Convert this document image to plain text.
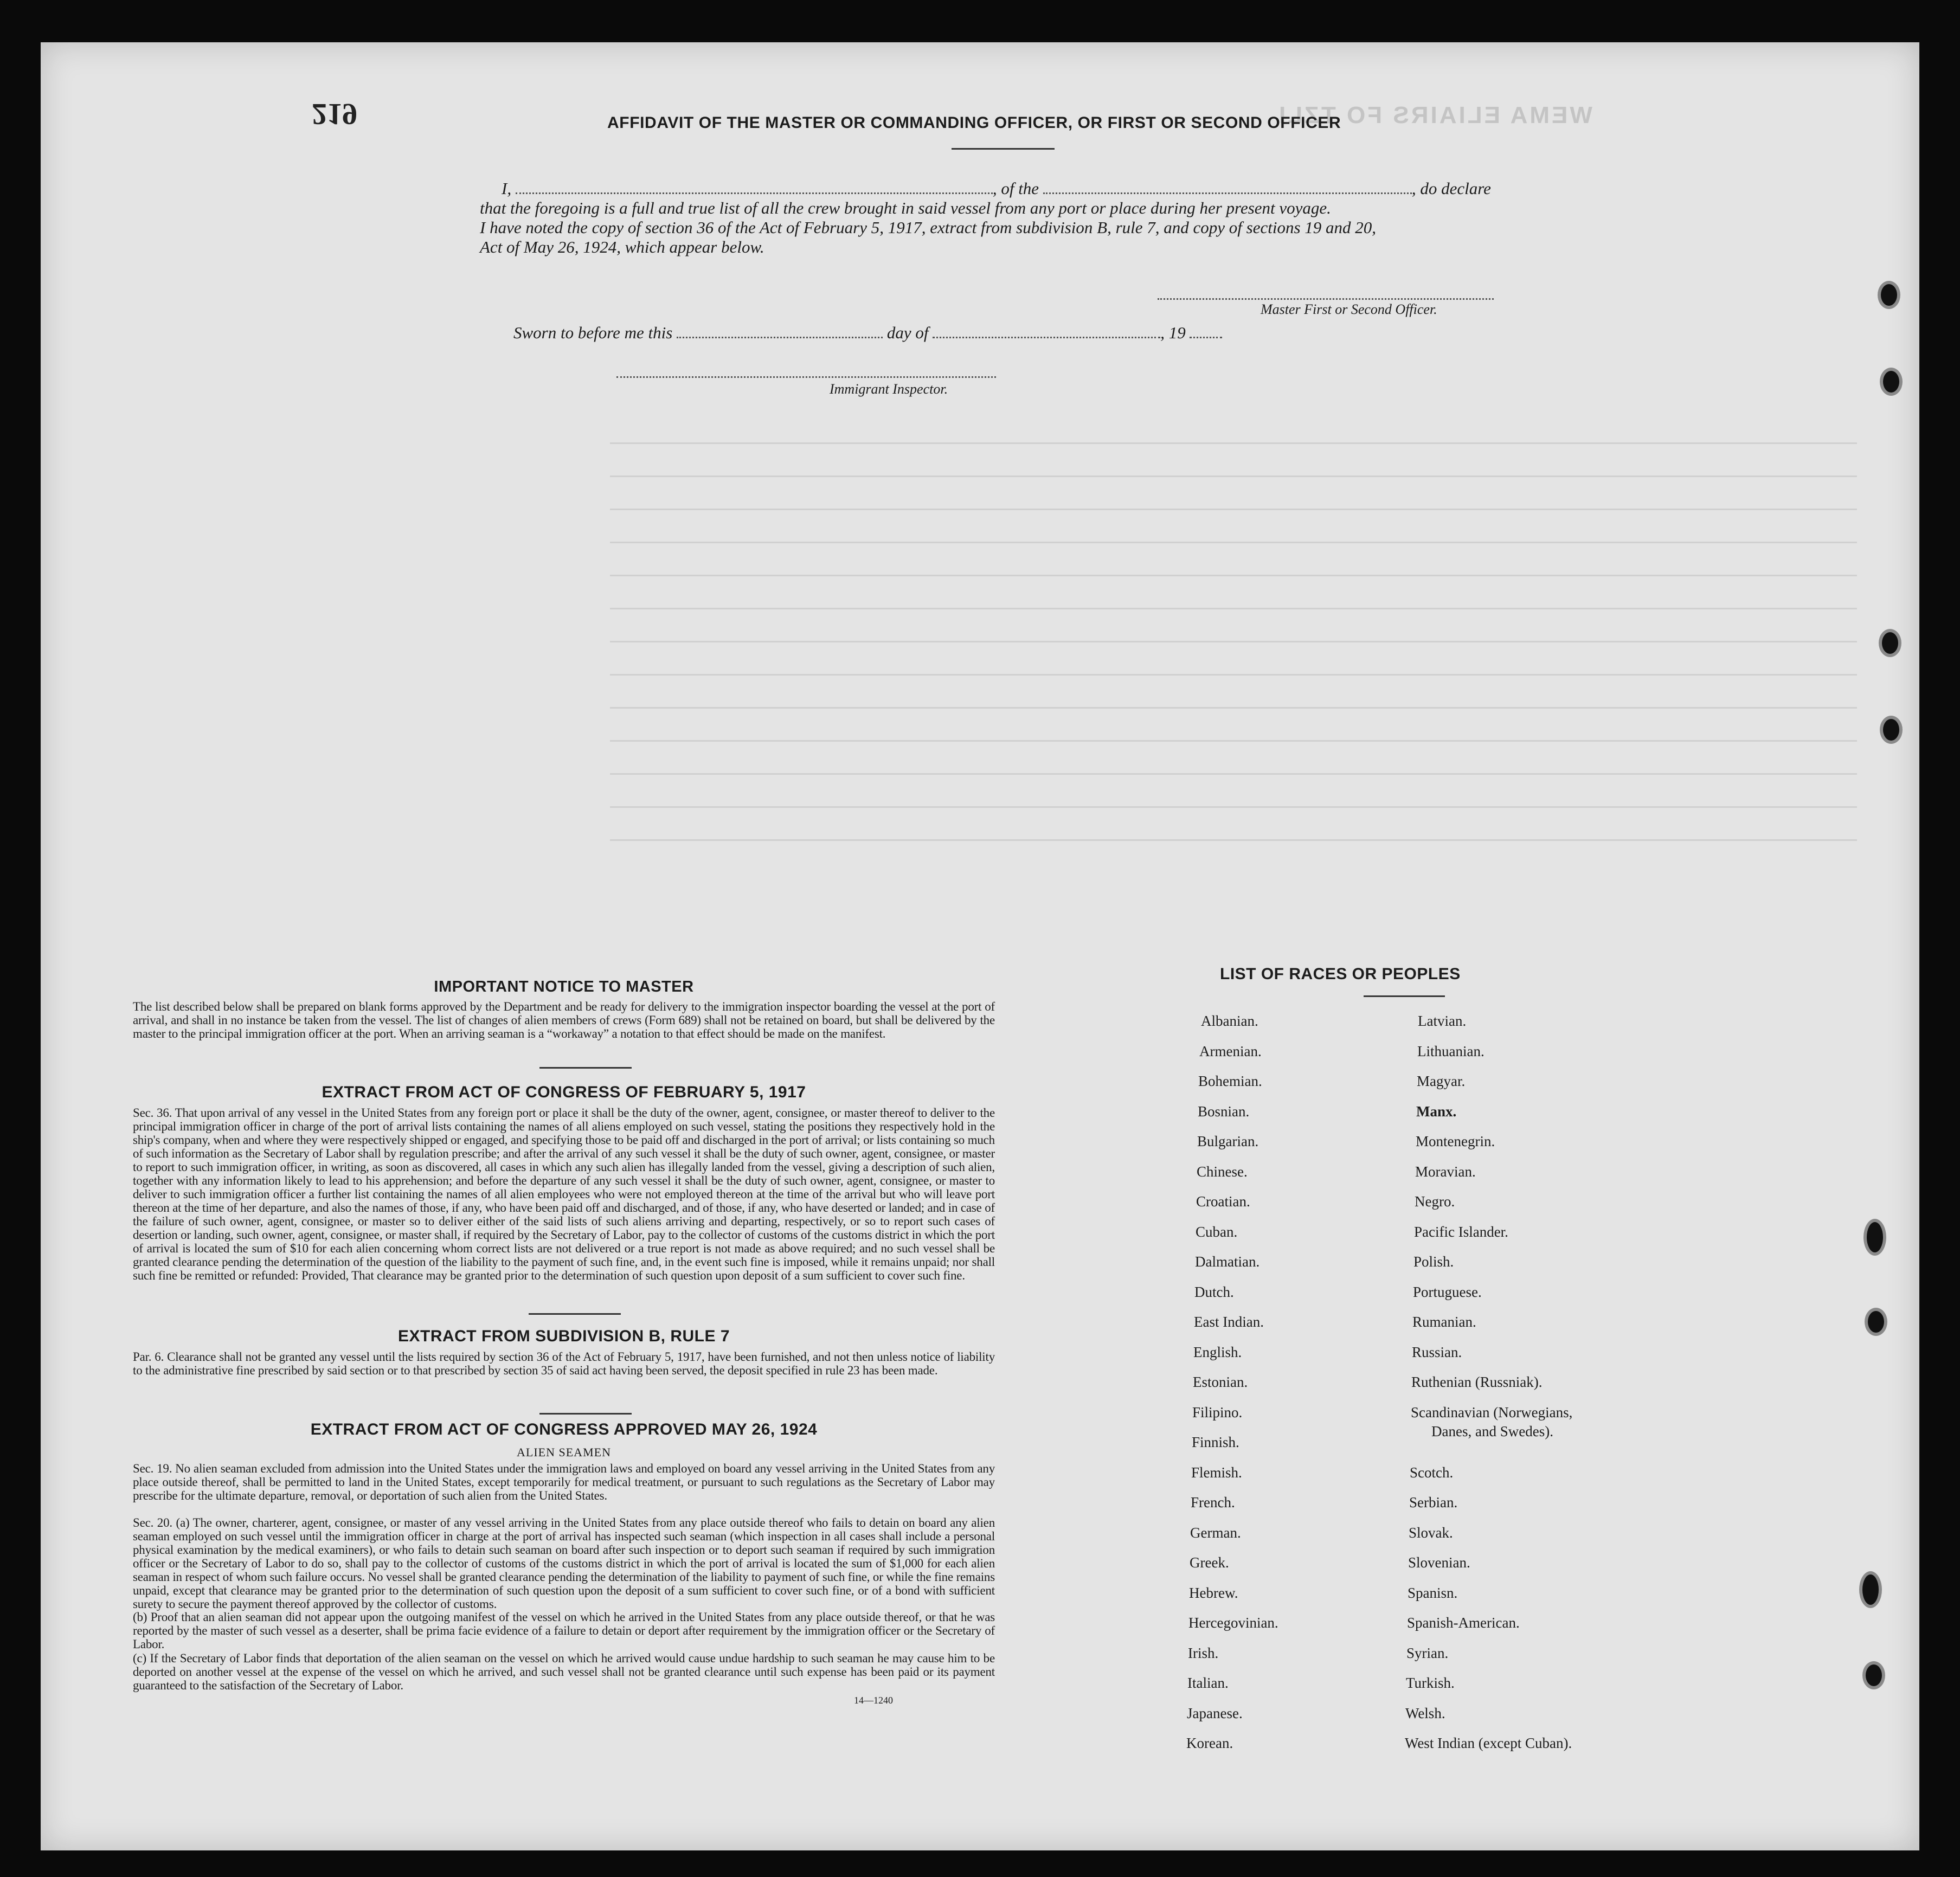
219	WEMA ELIAIRS FO TZLI
AFFIDAVIT OF THE MASTER OR COMMANDING OFFICER, OR FIRST OR SECOND OFFICER
I,	, of the	, do declare
that the foregoing is a full and true list of all the crew brought in said vessel from any port or place during her present voyage.
I have noted the copy of section 36 of the Act of February 5, 1917, extract from subdivision B, rule 7, and copy of sections 19 and 20,
Act of May 26, 1924, which appear below.
Master First or Second Officer.
Sworn to before me this	day of	, 19
Immigrant Inspector.
IMPORTANT NOTICE TO MASTER
The list described below shall be prepared on blank forms approved by the Department and be ready for delivery to the immigration inspector boarding the vessel at the port of arrival, and shall in no instance be taken from the vessel. The list of changes of alien members of crews (Form 689) shall not be retained on board, but shall be delivered by the master to the principal immigration officer at the port. When an arriving seaman is a “workaway” a notation to that effect should be made on the manifest.
EXTRACT FROM ACT OF CONGRESS OF FEBRUARY 5, 1917
Sec. 36. That upon arrival of any vessel in the United States from any foreign port or place it shall be the duty of the owner, agent, consignee, or master thereof to deliver to the principal immigration officer in charge of the port of arrival lists containing the names of all aliens employed on such vessel, stating the positions they respectively hold in the ship's company, when and where they were respectively shipped or engaged, and specifying those to be paid off and discharged in the port of arrival; or lists containing so much of such information as the Secretary of Labor shall by regulation prescribe; and after the arrival of any such vessel it shall be the duty of such owner, agent, consignee, or master to report to such immigration officer, in writing, as soon as discovered, all cases in which any such alien has illegally landed from the vessel, giving a description of such alien, together with any information likely to lead to his apprehension; and before the departure of any such vessel it shall be the duty of such owner, agent, consignee, or master to deliver to such immigration officer a further list containing the names of all alien employees who were not employed thereon at the time of the arrival but who will leave port thereon at the time of her departure, and also the names of those, if any, who have been paid off and discharged, and of those, if any, who have deserted or landed; and in case of the failure of such owner, agent, consignee, or master so to deliver either of the said lists of such aliens arriving and departing, respectively, or so to report such cases of desertion or landing, such owner, agent, consignee, or master shall, if required by the Secretary of Labor, pay to the collector of customs of the customs district in which the port of arrival is located the sum of $10 for each alien concerning whom correct lists are not delivered or a true report is not made as above required; and no such vessel shall be granted clearance pending the determination of the question of the liability to the payment of such fine, and, in the event such fine is imposed, while it remains unpaid; nor shall such fine be remitted or refunded: Provided, That clearance may be granted prior to the determination of such question upon deposit of a sum sufficient to cover such fine.
EXTRACT FROM SUBDIVISION B, RULE 7
Par. 6. Clearance shall not be granted any vessel until the lists required by section 36 of the Act of February 5, 1917, have been furnished, and not then unless notice of liability to the administrative fine prescribed by said section or to that prescribed by section 35 of said act having been served, the deposit specified in rule 23 has been made.
EXTRACT FROM ACT OF CONGRESS APPROVED MAY 26, 1924
ALIEN SEAMEN
Sec. 19. No alien seaman excluded from admission into the United States under the immigration laws and employed on board any vessel arriving in the United States from any place outside thereof, shall be permitted to land in the United States, except temporarily for medical treatment, or pursuant to such regulations as the Secretary of Labor may prescribe for the ultimate departure, removal, or deportation of such alien from the United States.
Sec. 20. (a) The owner, charterer, agent, consignee, or master of any vessel arriving in the United States from any place outside thereof who fails to detain on board any alien seaman employed on such vessel until the immigration officer in charge at the port of arrival has inspected such seaman (which inspection in all cases shall include a personal physical examination by the medical examiners), or who fails to detain such seaman on board after such inspection or to deport such seaman if required by such immigration officer or the Secretary of Labor to do so, shall pay to the collector of customs of the customs district in which the port of arrival is located the sum of $1,000 for each alien seaman in respect of whom such failure occurs. No vessel shall be granted clearance pending the determination of the liability to payment of such fine, or while the fine remains unpaid, except that clearance may be granted prior to the determination of such question upon the deposit of a sum sufficient to cover such fine, or of a bond with sufficient surety to secure the payment thereof approved by the collector of customs.
(b) Proof that an alien seaman did not appear upon the outgoing manifest of the vessel on which he arrived in the United States from any place outside thereof, or that he was reported by the master of such vessel as a deserter, shall be prima facie evidence of a failure to detain or deport after requirement by the immigration officer or the Secretary of Labor.
(c) If the Secretary of Labor finds that deportation of the alien seaman on the vessel on which he arrived would cause undue hardship to such seaman he may cause him to be deported on another vessel at the expense of the vessel on which he arrived, and such vessel shall not be granted clearance until such expense has been paid or its payment guaranteed to the satisfaction of the Secretary of Labor.
14—1240
LIST OF RACES OR PEOPLES
Albanian.
Armenian.
Bohemian.
Bosnian.
Bulgarian.
Chinese.
Croatian.
Cuban.
Dalmatian.
Dutch.
East Indian.
English.
Estonian.
Filipino.
Finnish.
Flemish.
French.
German.
Greek.
Hebrew.
Hercegovinian.
Irish.
Italian.
Japanese.
Korean.
Latvian.
Lithuanian.
Magyar.
Manx.
Montenegrin.
Moravian.
Negro.
Pacific Islander.
Polish.
Portuguese.
Rumanian.
Russian.
Ruthenian (Russniak).
Scandinavian (Norwegians,
Danes, and Swedes).
Scotch.
Serbian.
Slovak.
Slovenian.
Spanisn.
Spanish-American.
Syrian.
Turkish.
Welsh.
West Indian (except Cuban).
